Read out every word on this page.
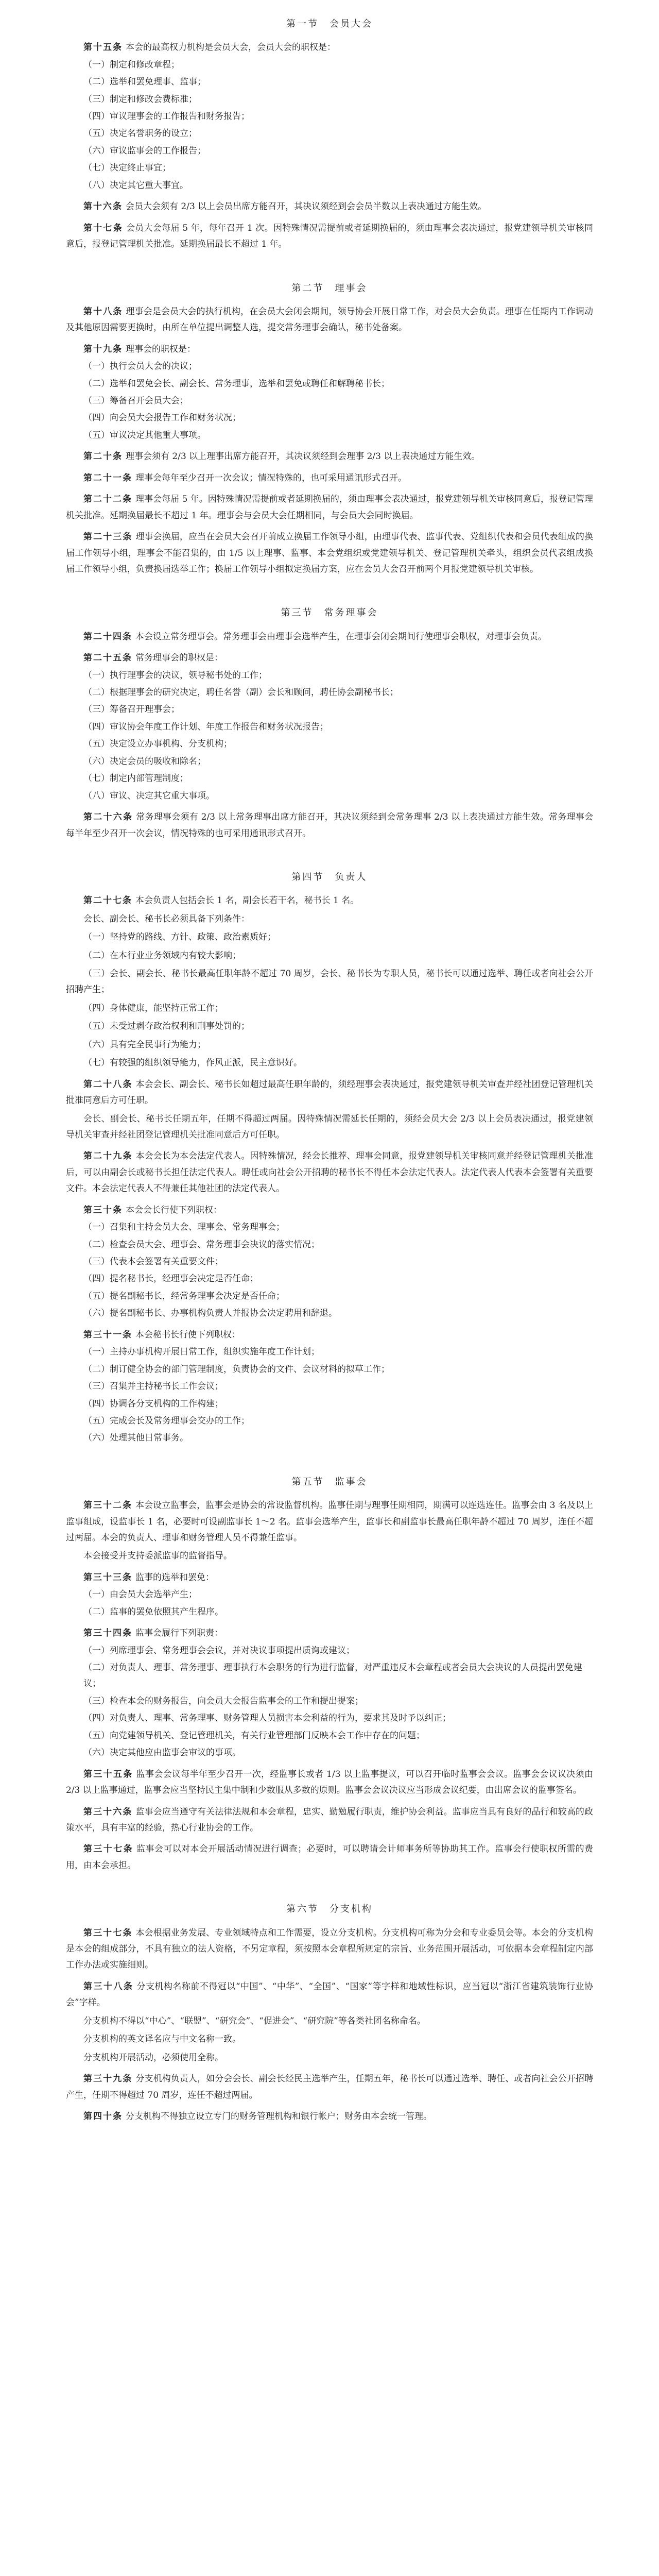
第一节　会员大会

第十五条 本会的最高权力机构是会员大会，会员大会的职权是：

（一）制定和修改章程；
（二）选举和罢免理事、监事；
（三）制定和修改会费标准；
（四）审议理事会的工作报告和财务报告；
（五）决定名誉职务的设立；
（六）审议监事会的工作报告；
（七）决定终止事宜；
（八）决定其它重大事宜。

第十六条 会员大会须有 2/3 以上会员出席方能召开，其决议须经到会会员半数以上表决通过方能生效。

第十七条 会员大会每届 5 年，每年召开 1 次。因特殊情况需提前或者延期换届的，须由理事会表决通过，报党建领导机关审核同意后，报登记管理机关批准。延期换届最长不超过 1 年。

第二节　理事会

第十八条 理事会是会员大会的执行机构，在会员大会闭会期间，领导协会开展日常工作，对会员大会负责。理事在任期内工作调动及其他原因需要更换时，由所在单位提出调整人选，提交常务理事会确认，秘书处备案。

第十九条 理事会的职权是：

（一）执行会员大会的决议；
（二）选举和罢免会长、副会长、常务理事，选举和罢免或聘任和解聘秘书长；
（三）筹备召开会员大会；
（四）向会员大会报告工作和财务状况；
（五）审议决定其他重大事项。

第二十条 理事会须有 2/3 以上理事出席方能召开，其决议须经到会理事 2/3 以上表决通过方能生效。

第二十一条 理事会每年至少召开一次会议；情况特殊的，也可采用通讯形式召开。

第二十二条 理事会每届 5 年。因特殊情况需提前或者延期换届的，须由理事会表决通过，报党建领导机关审核同意后，报登记管理机关批准。延期换届最长不超过 1 年。理事会与会员大会任期相同，与会员大会同时换届。

第二十三条 理事会换届，应当在会员大会召开前成立换届工作领导小组，由理事代表、监事代表、党组织代表和会员代表组成的换届工作领导小组，理事会不能召集的，由 1/5 以上理事、监事、本会党组织或党建领导机关、登记管理机关牵头，组织会员代表组成换届工作领导小组，负责换届选举工作；换届工作领导小组拟定换届方案，应在会员大会召开前两个月报党建领导机关审核。

第三节　常务理事会

第二十四条 本会设立常务理事会。常务理事会由理事会选举产生，在理事会闭会期间行使理事会职权，对理事会负责。

第二十五条 常务理事会的职权是：

（一）执行理事会的决议，领导秘书处的工作；
（二）根据理事会的研究决定，聘任名誉（副）会长和顾问，聘任协会副秘书长；
（三）筹备召开理事会；
（四）审议协会年度工作计划、年度工作报告和财务状况报告；
（五）决定设立办事机构、分支机构；
（六）决定会员的吸收和除名；
（七）制定内部管理制度；
（八）审议、决定其它重大事项。

第二十六条 常务理事会须有 2/3 以上常务理事出席方能召开，其决议须经到会常务理事 2/3 以上表决通过方能生效。常务理事会每半年至少召开一次会议，情况特殊的也可采用通讯形式召开。

第四节　负责人

第二十七条 本会负责人包括会长 1 名，副会长若干名，秘书长 1 名。

会长、副会长、秘书长必须具备下列条件：

（一）坚持党的路线、方针、政策、政治素质好；

（二）在本行业业务领域内有较大影响；

（三）会长、副会长、秘书长最高任职年龄不超过 70 周岁，会长、秘书长为专职人员，秘书长可以通过选举、聘任或者向社会公开招聘产生；

（四）身体健康，能坚持正常工作；

（五）未受过剥夺政治权利和刑事处罚的；

（六）具有完全民事行为能力；

（七）有较强的组织领导能力，作风正派，民主意识好。

第二十八条 本会会长、副会长、秘书长如超过最高任职年龄的，须经理事会表决通过，报党建领导机关审查并经社团登记管理机关批准同意后方可任职。

会长、副会长、秘书长任期五年，任期不得超过两届。因特殊情况需延长任期的，须经会员大会 2/3 以上会员表决通过，报党建领导机关审查并经社团登记管理机关批准同意后方可任职。

第二十九条 本会会长为本会法定代表人。因特殊情况，经会长推荐、理事会同意，报党建领导机关审核同意并经登记管理机关批准后，可以由副会长或秘书长担任法定代表人。聘任或向社会公开招聘的秘书长不得任本会法定代表人。法定代表人代表本会签署有关重要文件。本会法定代表人不得兼任其他社团的法定代表人。

第三十条 本会会长行使下列职权：

（一）召集和主持会员大会、理事会、常务理事会；
（二）检查会员大会、理事会、常务理事会决议的落实情况；
（三）代表本会签署有关重要文件；
（四）提名秘书长，经理事会决定是否任命；
（五）提名副秘书长，经常务理事会决定是否任命；
（六）提名副秘书长、办事机构负责人并报协会决定聘用和辞退。

第三十一条 本会秘书长行使下列职权：

（一）主持办事机构开展日常工作，组织实施年度工作计划；
（二）制订健全协会的部门管理制度，负责协会的文件、会议材料的拟草工作；
（三）召集并主持秘书长工作会议；
（四）协调各分支机构的工作构建；
（五）完成会长及常务理事会交办的工作；
（六）处理其他日常事务。
第五节　监事会

第三十二条 本会设立监事会，监事会是协会的常设监督机构。监事任期与理事任期相同，期满可以连选连任。监事会由 3 名及以上监事组成，设监事长 1 名，必要时可设副监事长 1～2 名。监事会选举产生，监事长和副监事长最高任职年龄不超过 70 周岁，连任不超过两届。本会的负责人、理事和财务管理人员不得兼任监事。

本会接受并支持委派监事的监督指导。

第三十三条 监事的选举和罢免：

（一）由会员大会选举产生；
（二）监事的罢免依照其产生程序。

第三十四条 监事会履行下列职责：

（一）列席理事会、常务理事会会议，并对决议事项提出质询或建议；
（二）对负责人、理事、常务理事、理事执行本会职务的行为进行监督，对严重违反本会章程或者会员大会决议的人员提出罢免建议；
（三）检查本会的财务报告，向会员大会报告监事会的工作和提出提案；
（四）对负责人、理事、常务理事、财务管理人员损害本会利益的行为，要求其及时予以纠正；
（五）向党建领导机关、登记管理机关，有关行业管理部门反映本会工作中存在的问题；
（六）决定其他应由监事会审议的事项。

第三十五条 监事会会议每半年至少召开一次，经监事长或者 1/3 以上监事提议，可以召开临时监事会会议。监事会会议议决须由 2/3 以上监事通过，监事会应当坚持民主集中制和少数服从多数的原则。监事会会议决议应当形成会议纪要，由出席会议的监事签名。

第三十六条 监事会应当遵守有关法律法规和本会章程，忠实、勤勉履行职责，维护协会利益。监事应当具有良好的品行和较高的政策水平，具有丰富的经验，热心行业协会的工作。

第三十七条 监事会可以对本会开展活动情况进行调查；必要时，可以聘请会计师事务所等协助其工作。监事会行使职权所需的费用，由本会承担。

第六节　分支机构

第三十七条 本会根据业务发展、专业领域特点和工作需要，设立分支机构。分支机构可称为分会和专业委员会等。本会的分支机构是本会的组成部分，不具有独立的法人资格，不另定章程，须按照本会章程所规定的宗旨、业务范围开展活动，可依据本会章程制定内部工作办法或实施细则。

第三十八条 分支机构名称前不得冠以“中国”、“中华”、“全国”、“国家”等字样和地域性标识，应当冠以“浙江省建筑装饰行业协会”字样。

分支机构不得以“中心”、“联盟”、“研究会”、“促进会”、“研究院”等各类社团名称命名。

分支机构的英文译名应与中文名称一致。

分支机构开展活动，必须使用全称。

第三十九条 分支机构负责人，如分会会长、副会长经民主选举产生，任期五年，秘书长可以通过选举、聘任、或者向社会公开招聘产生，任期不得超过 70 周岁，连任不超过两届。

第四十条 分支机构不得独立设立专门的财务管理机构和银行帐户；财务由本会统一管理。
